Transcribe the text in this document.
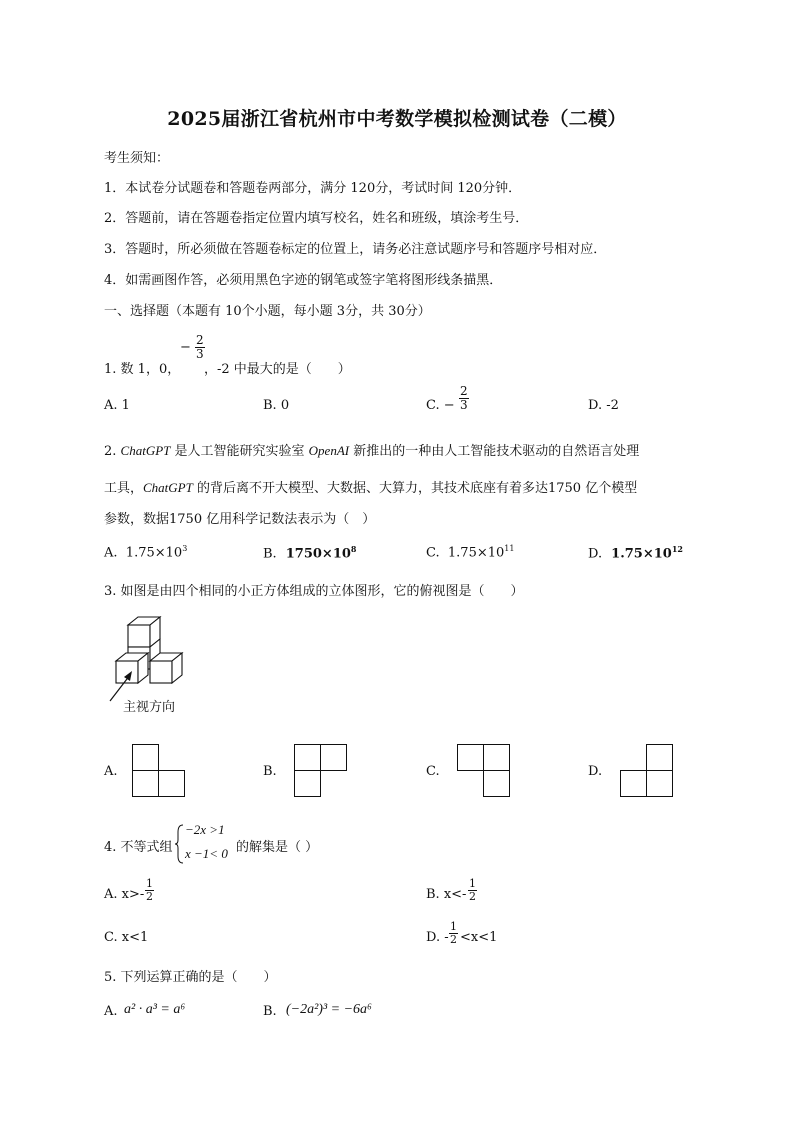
2025届浙江省杭州市中考数学模拟检测试卷（二模）
考生须知：
1．本试卷分试题卷和答题卷两部分，满分 120分，考试时间 120分钟．
2．答题前，请在答题卷指定位置内填写校名，姓名和班级，填涂考生号．
3．答题时，所必须做在答题卷标定的位置上，请务必注意试题序号和答题序号相对应．
4．如需画图作答，必须用黑色字迹的钢笔或签字笔将图形线条描黑．
一、选择题（本题有 10个小题，每小题 3分，共 30分）
1. 数 1，0，
− $\frac{2}{3}$
，-2 中最大的是（　　）
A. 1	B. 0	C. − $\frac{2}{3}$	D. -2
2. ChatGPT 是人工智能研究实验室 OpenAI 新推出的一种由人工智能技术驱动的自然语言处理
工具，ChatGPT 的背后离不开大模型、大数据、大算力，其技术底座有着多达1750 亿个模型
参数，数据1750 亿用科学记数法表示为（　）
A. $1.75\times 10^3$	B. $1750\times 10^8$	C. $1.75\times 10^{11}$	D. $1.75\times 10^{12}$
3. 如图是由四个相同的小正方体组成的立体图形，它的俯视图是（　　）
主视方向
A.	B.	C.	D.
4. 不等式组
−2x >1
x −1< 0 的解集是（ ）
A. $x>- \frac{1}{2}$	B. $x<- \frac{1}{2}$
C. x<1	D. - $\frac{1}{2} <x<1$
5. 下列运算正确的是（　　）
A. a² · a³ = a⁶	B. (−2a²)³ = −6a⁶
